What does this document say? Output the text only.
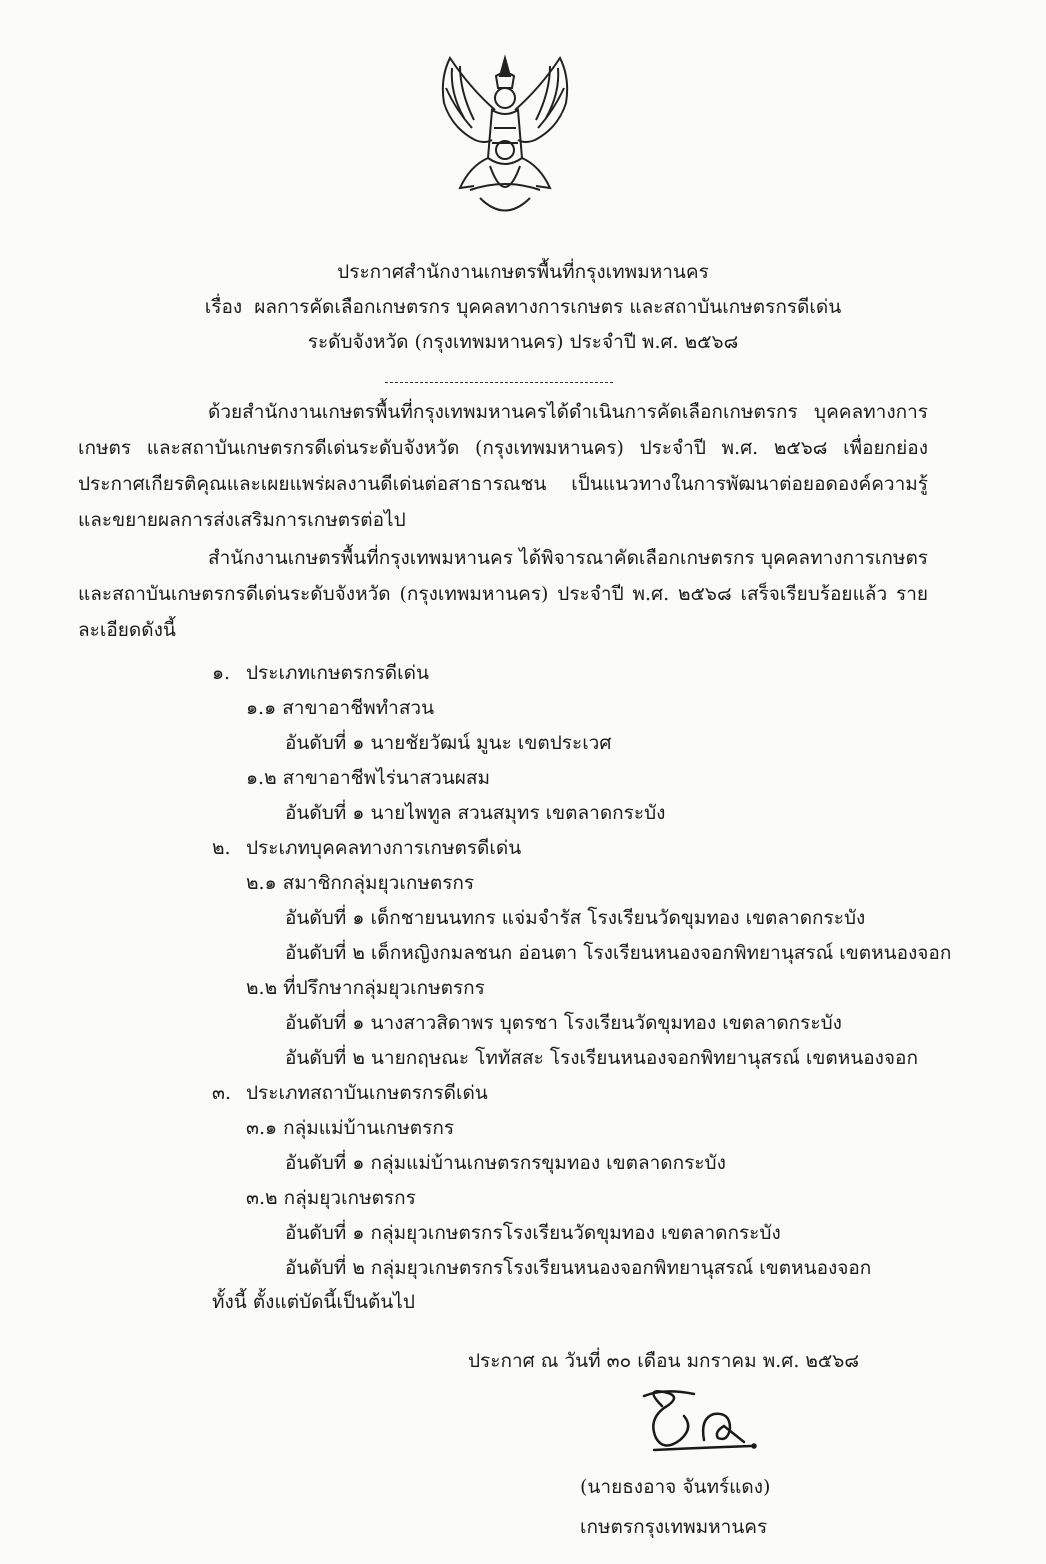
ประกาศสำนักงานเกษตรพื้นที่กรุงเทพมหานคร
เรื่อง ผลการคัดเลือกเกษตรกร บุคคลทางการเกษตร และสถาบันเกษตรกรดีเด่น
ระดับจังหวัด (กรุงเทพมหานคร) ประจำปี พ.ศ. ๒๕๖๘
ด้วยสำนักงานเกษตรพื้นที่กรุงเทพมหานครได้ดำเนินการคัดเลือกเกษตรกร บุคคลทางการเกษตร และสถาบันเกษตรกรดีเด่นระดับจังหวัด (กรุงเทพมหานคร) ประจำปี พ.ศ. ๒๕๖๘ เพื่อยกย่องประกาศเกียรติคุณและเผยแพร่ผลงานดีเด่นต่อสาธารณชน เป็นแนวทางในการพัฒนาต่อยอดองค์ความรู้และขยายผลการส่งเสริมการเกษตรต่อไป
สำนักงานเกษตรพื้นที่กรุงเทพมหานคร ได้พิจารณาคัดเลือกเกษตรกร บุคคลทางการเกษตร และสถาบันเกษตรกรดีเด่นระดับจังหวัด (กรุงเทพมหานคร) ประจำปี พ.ศ. ๒๕๖๘ เสร็จเรียบร้อยแล้ว รายละเอียดดังนี้
๑. ประเภทเกษตรกรดีเด่น
๑.๑ สาขาอาชีพทำสวน
อันดับที่ ๑ นายชัยวัฒน์ มูนะ เขตประเวศ
๑.๒ สาขาอาชีพไร่นาสวนผสม
อันดับที่ ๑ นายไพทูล สวนสมุทร เขตลาดกระบัง
๒. ประเภทบุคคลทางการเกษตรดีเด่น
๒.๑ สมาชิกกลุ่มยุวเกษตรกร
อันดับที่ ๑ เด็กชายนนทกร แจ่มจำรัส โรงเรียนวัดขุมทอง เขตลาดกระบัง
อันดับที่ ๒ เด็กหญิงกมลชนก อ่อนตา โรงเรียนหนองจอกพิทยานุสรณ์ เขตหนองจอก
๒.๒ ที่ปรึกษากลุ่มยุวเกษตรกร
อันดับที่ ๑ นางสาวสิดาพร บุตรชา โรงเรียนวัดขุมทอง เขตลาดกระบัง
อันดับที่ ๒ นายกฤษณะ โททัสสะ โรงเรียนหนองจอกพิทยานุสรณ์ เขตหนองจอก
๓. ประเภทสถาบันเกษตรกรดีเด่น
๓.๑ กลุ่มแม่บ้านเกษตรกร
อันดับที่ ๑ กลุ่มแม่บ้านเกษตรกรขุมทอง เขตลาดกระบัง
๓.๒ กลุ่มยุวเกษตรกร
อันดับที่ ๑ กลุ่มยุวเกษตรกรโรงเรียนวัดขุมทอง เขตลาดกระบัง
อันดับที่ ๒ กลุ่มยุวเกษตรกรโรงเรียนหนองจอกพิทยานุสรณ์ เขตหนองจอก
ทั้งนี้ ตั้งแต่บัดนี้เป็นต้นไป
ประกาศ ณ วันที่ ๓๐ เดือน มกราคม พ.ศ. ๒๕๖๘
(นายธงอาจ จันทร์แดง)
เกษตรกรุงเทพมหานคร
